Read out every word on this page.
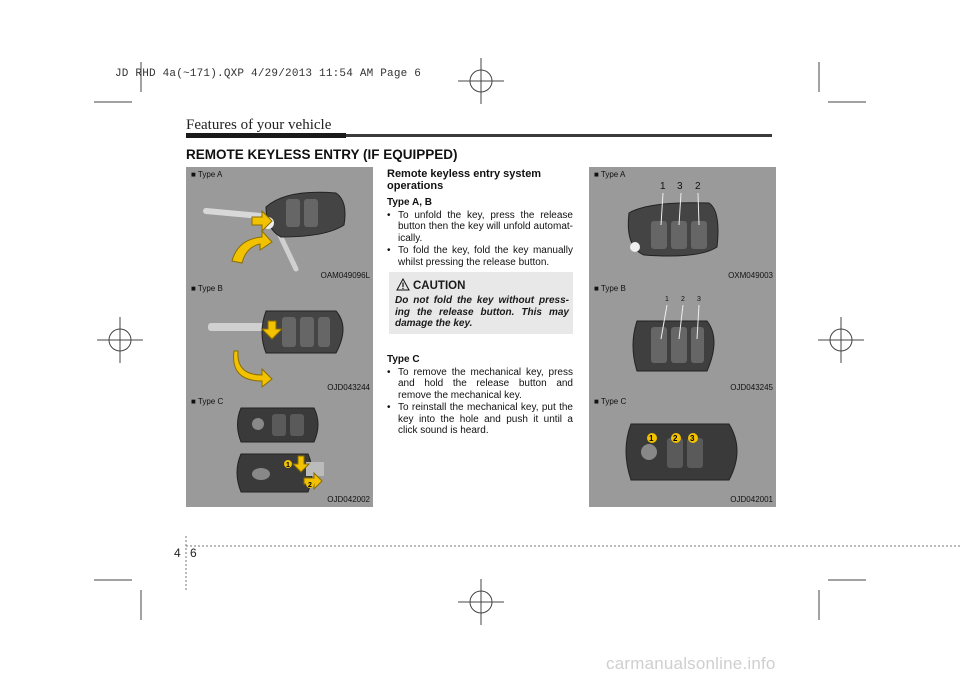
JD RHD 4a(~171).QXP 4/29/2013 11:54 AM Page 6
Features of your vehicle
REMOTE KEYLESS ENTRY (IF EQUIPPED)
■ Type A
OAM049096L
■ Type B
OJD043244
■ Type C
1
2
OJD042002
Remote keyless entry system operations
Type A, B
• To unfold the key, press the release button then the key will unfold automat-ically.
• To fold the key, fold the key manually whilst pressing the release button.
CAUTION
Do not fold the key without press-ing the release button. This may damage the key.
Type C
• To remove the mechanical key, press and hold the release button and remove the mechanical key.
• To reinstall the mechanical key, put the key into the hole and push it until a click sound is heard.
■ Type A
1 3 2
OXM049003
■ Type B
1 2 3
OJD043245
■ Type C
1 2 3
OJD042001
4 6
carmanualsonline.info
